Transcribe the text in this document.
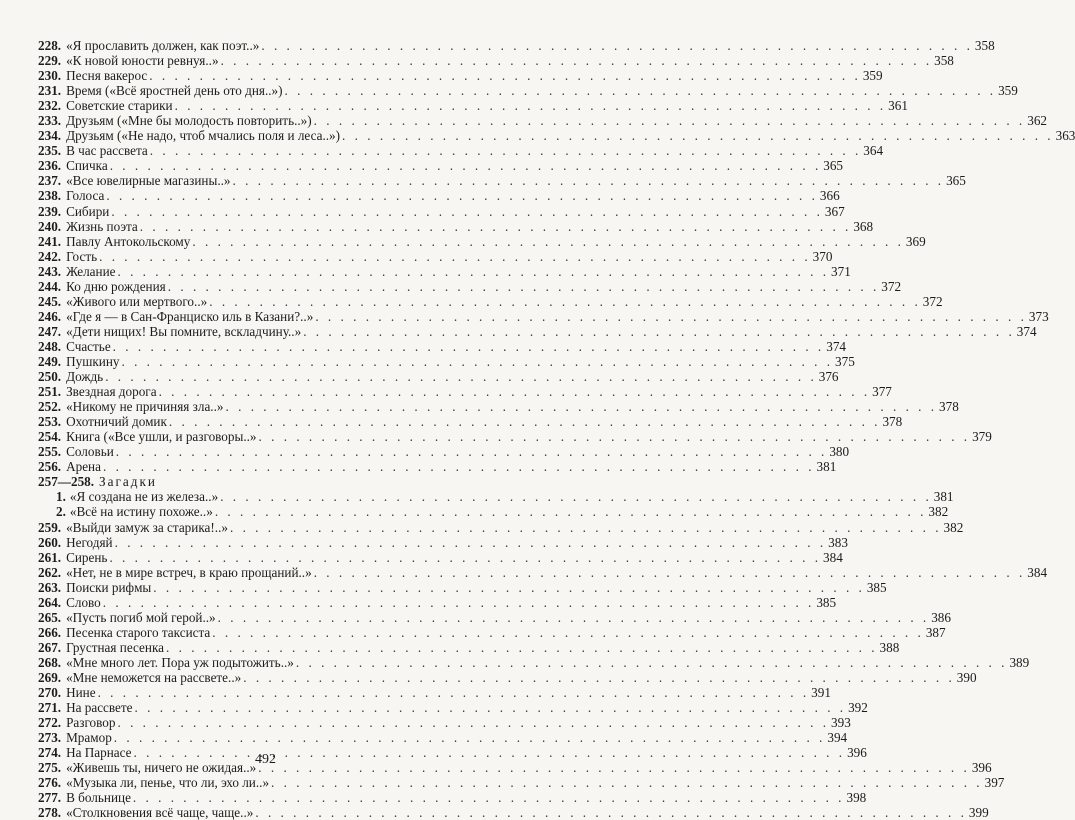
228. «Я прославить должен, как поэт..» . . .	358
229. «К новой юности ревнуя..» . . .	358
230. Песня вакерос . . .	359
231. Время («Всё яростней день ото дня..») . . .	359
232. Советские старики . . .	361
233. Друзьям («Мне бы молодость повторить..») . . .	362
234. Друзьям («Не надо, чтоб мчались поля и леса..») . . .	363
235. В час рассвета . . .	364
236. Спичка . . .	365
237. «Все ювелирные магазины..» . . .	365
238. Голоса . . .	366
239. Сибири . . .	367
240. Жизнь поэта . . .	368
241. Павлу Антокольскому . . .	369
242. Гость . . .	370
243. Желание . . .	371
244. Ко дню рождения . . .	372
245. «Живого или мертвого..» . . .	372
246. «Где я — в Сан-Франциско иль в Казани?..» . . .	373
247. «Дети нищих! Вы помните, вскладчину..» . . .	374
248. Счастье . . .	374
249. Пушкину . . .	375
250. Дождь . . .	376
251. Звездная дорога . . .	377
252. «Никому не причиняя зла..» . . .	378
253. Охотничий домик . . .	378
254. Книга («Все ушли, и разговоры..» . . .	379
255. Соловьи . . .	380
256. Арена . . .	381
257—258. Загадки
1. «Я создана не из железа..» . . .	381
2. «Всё на истину похоже..» . . .	382
259. «Выйди замуж за старика!..» . . .	382
260. Негодяй . . .	383
261. Сирень . . .	384
262. «Нет, не в мире встреч, в краю прощаний..» . . .	384
263. Поиски рифмы . . .	385
264. Слово . . .	385
265. «Пусть погиб мой герой..» . . .	386
266. Песенка старого таксиста . . .	387
267. Грустная песенка . . .	388
268. «Мне много лет. Пора уж подытожить..» . . .	389
269. «Мне неможется на рассвете..» . . .	390
270. Нине . . .	391
271. На рассвете . . .	392
272. Разговор . . .	393
273. Мрамор . . .	394
274. На Парнасе . . .	396
275. «Живешь ты, ничего не ожидая..» . . .	396
276. «Музыка ли, пенье, что ли, эхо ли..» . . .	397
277. В больнице . . .	398
278. «Столкновения всё чаще, чаще..» . . .	399
492
